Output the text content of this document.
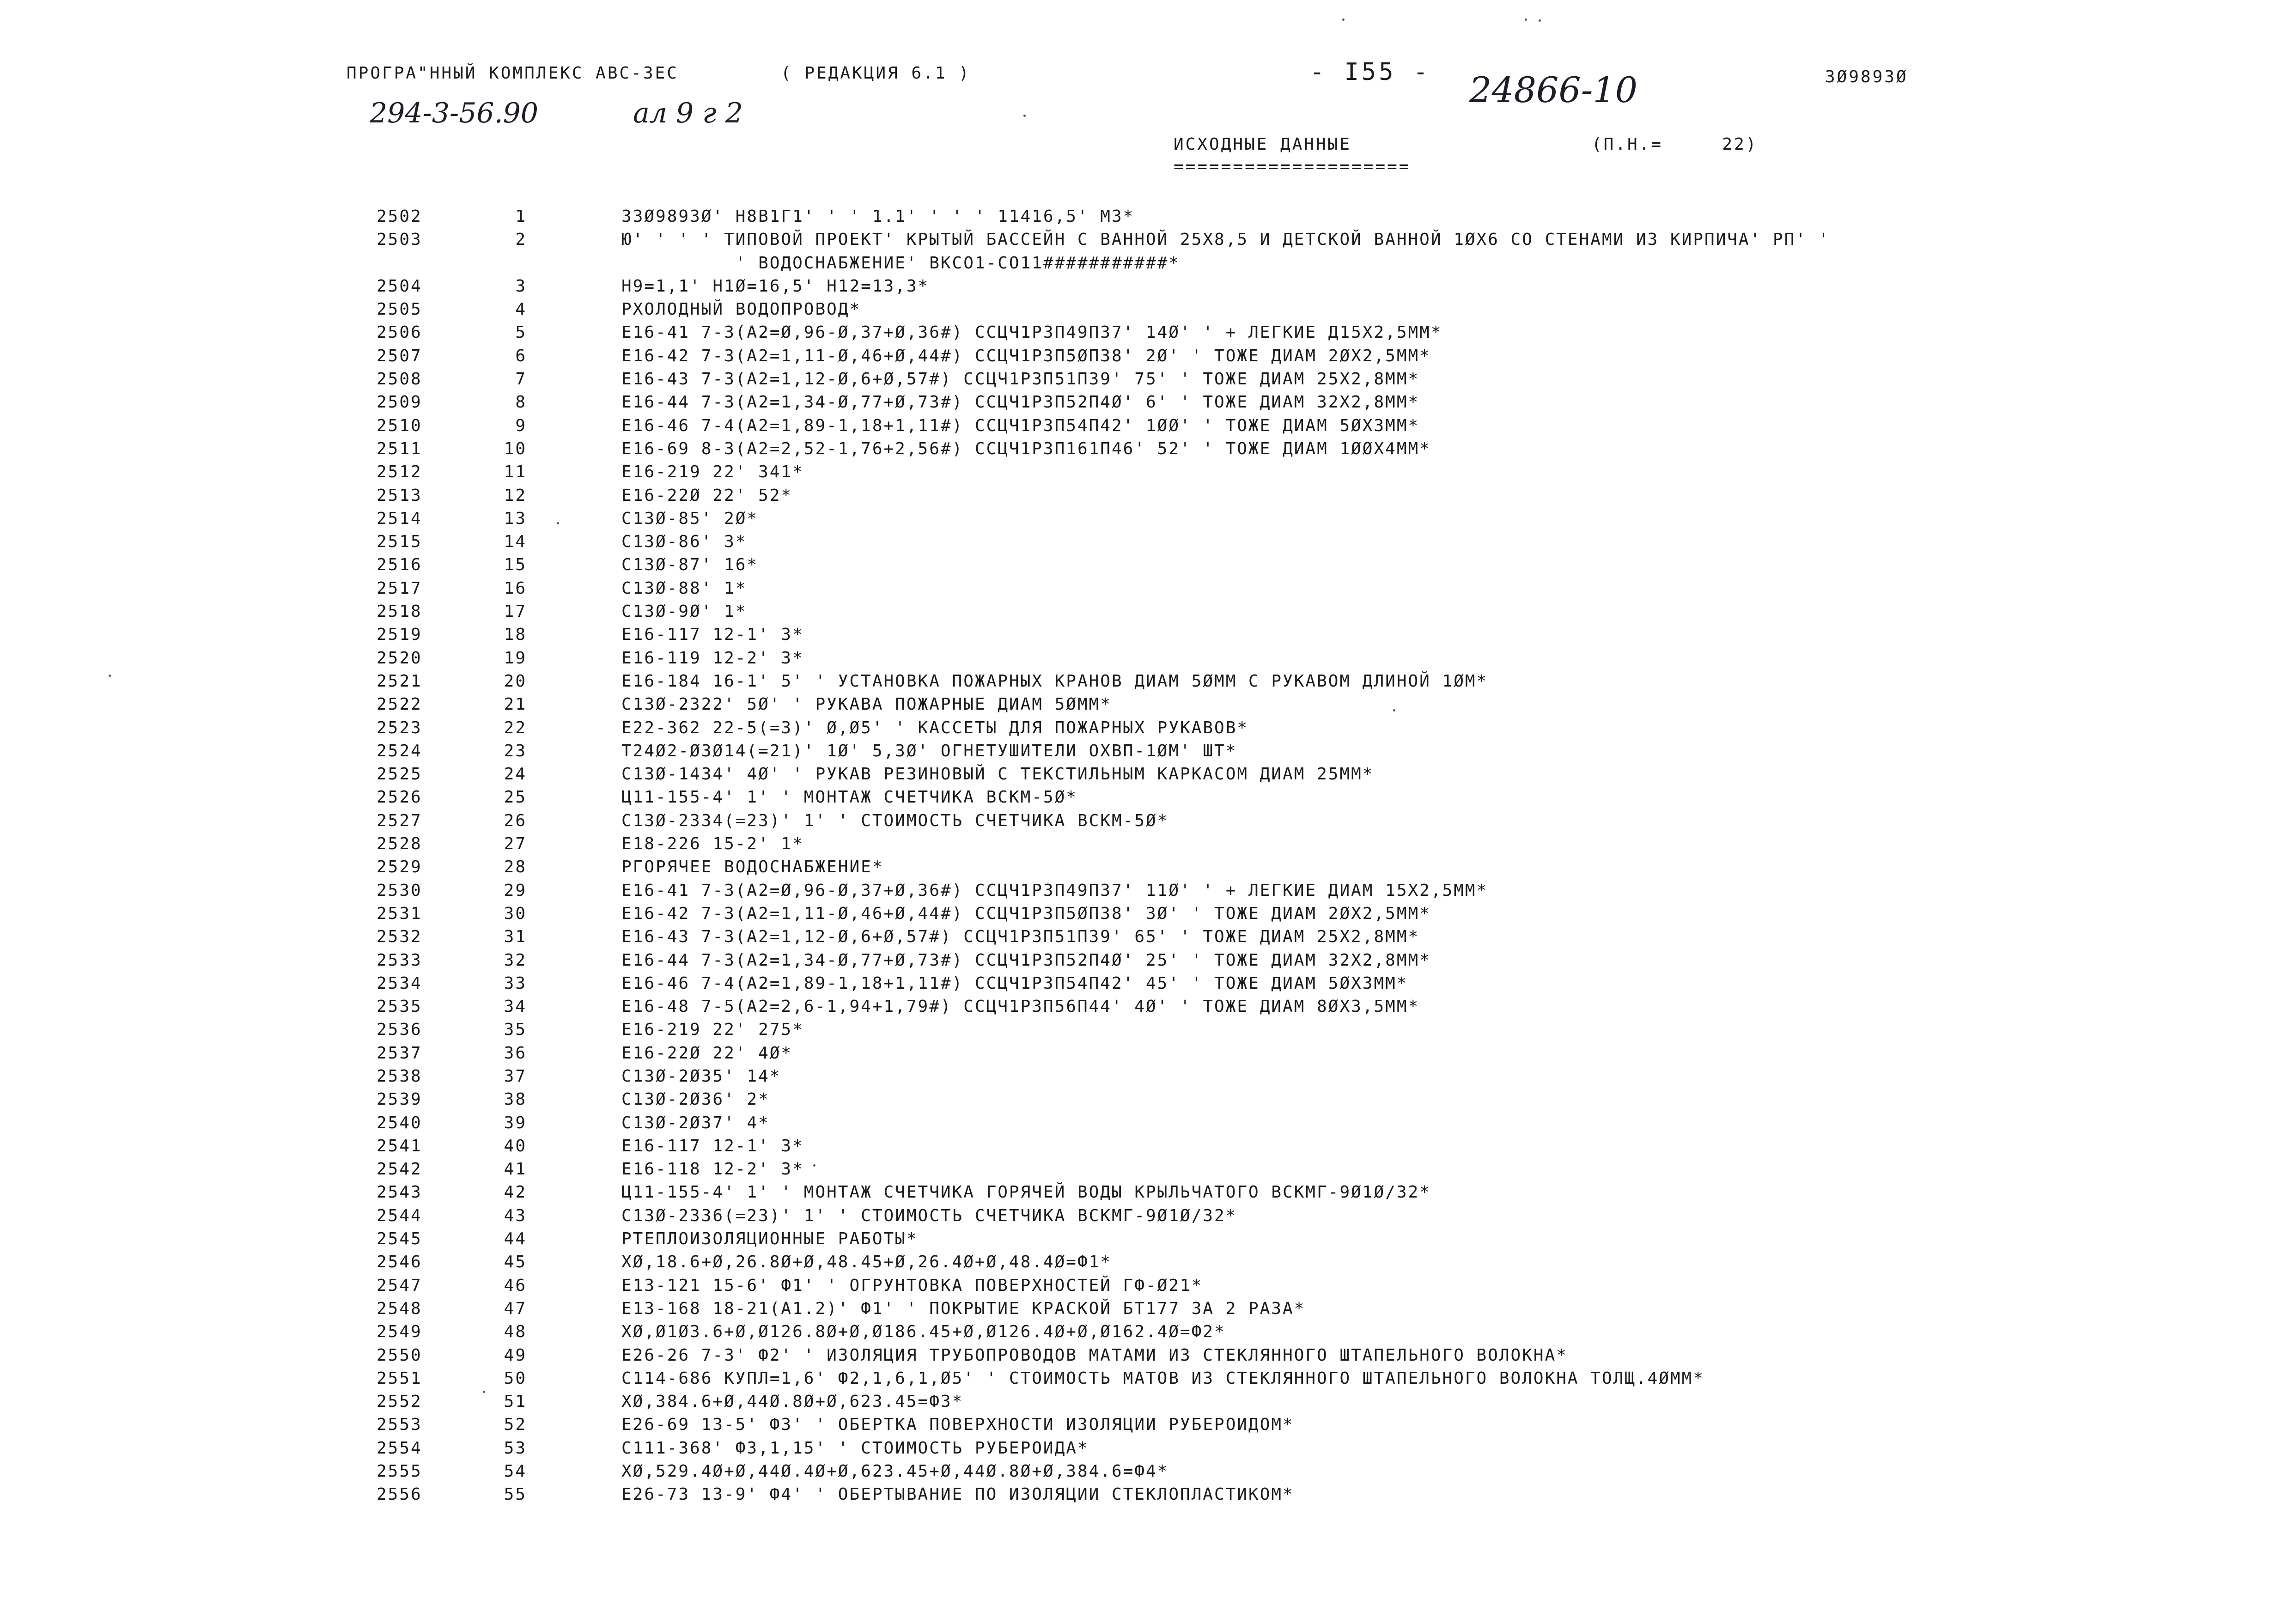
ПРОГРА"ННЫЙ КОМПЛЕКС АВС-ЗЕС	( РЕДАКЦИЯ 6.1 )	- I55 -	3Ø9893Ø
24866-10
294-3-56.90	ал 9 г 2
ИСХОДНЫЕ ДАННЫЕ
====================
(П.Н.=     22)
2502	1	33Ø9893Ø' Н8В1Г1' ' ' 1.1' ' ' ' 11416,5' М3*
2503	2	Ю' ' ' ' ТИПОВОЙ ПРОЕКТ' КРЫТЫЙ БАССЕЙН С ВАННОЙ 25Х8,5 И ДЕТСКОЙ ВАННОЙ 1ØХ6 СО СТЕНАМИ ИЗ КИРПИЧА' РП' '
' ВОДОСНАБЖЕНИЕ' ВКСО1-СО11###########*
2504	3	Н9=1,1' Н1Ø=16,5' Н12=13,3*
2505	4	РХОЛОДНЫЙ ВОДОПРОВОД*
2506	5	Е16-41 7-3(А2=Ø,96-Ø,37+Ø,36#) ССЦЧ1Р3П49П37' 14Ø' ' + ЛЕГКИЕ Д15Х2,5ММ*
2507	6	Е16-42 7-3(А2=1,11-Ø,46+Ø,44#) ССЦЧ1Р3П5ØП38' 2Ø' ' ТОЖЕ ДИАМ 2ØХ2,5ММ*
2508	7	Е16-43 7-3(А2=1,12-Ø,6+Ø,57#) ССЦЧ1Р3П51П39' 75' ' ТОЖЕ ДИАМ 25Х2,8ММ*
2509	8	Е16-44 7-3(А2=1,34-Ø,77+Ø,73#) ССЦЧ1Р3П52П4Ø' 6' ' ТОЖЕ ДИАМ 32Х2,8ММ*
2510	9	Е16-46 7-4(А2=1,89-1,18+1,11#) ССЦЧ1Р3П54П42' 1ØØ' ' ТОЖЕ ДИАМ 5ØХ3ММ*
2511	10	Е16-69 8-3(А2=2,52-1,76+2,56#) ССЦЧ1Р3П161П46' 52' ' ТОЖЕ ДИАМ 1ØØХ4ММ*
2512	11	Е16-219 22' 341*
2513	12	Е16-22Ø 22' 52*
2514	13	С13Ø-85' 2Ø*
2515	14	С13Ø-86' 3*
2516	15	С13Ø-87' 16*
2517	16	С13Ø-88' 1*
2518	17	С13Ø-9Ø' 1*
2519	18	Е16-117 12-1' 3*
2520	19	Е16-119 12-2' 3*
2521	20	Е16-184 16-1' 5' ' УСТАНОВКА ПОЖАРНЫХ КРАНОВ ДИАМ 5ØММ С РУКАВОМ ДЛИНОЙ 1ØМ*
2522	21	С13Ø-2322' 5Ø' ' РУКАВА ПОЖАРНЫЕ ДИАМ 5ØММ*
2523	22	Е22-362 22-5(=3)' Ø,Ø5' ' КАССЕТЫ ДЛЯ ПОЖАРНЫХ РУКАВОВ*
2524	23	Т24Ø2-Ø3Ø14(=21)' 1Ø' 5,3Ø' ОГНЕТУШИТЕЛИ ОХВП-1ØМ' ШТ*
2525	24	С13Ø-1434' 4Ø' ' РУКАВ РЕЗИНОВЫЙ С ТЕКСТИЛЬНЫМ КАРКАСОМ ДИАМ 25ММ*
2526	25	Ц11-155-4' 1' ' МОНТАЖ СЧЕТЧИКА ВСКМ-5Ø*
2527	26	С13Ø-2334(=23)' 1' ' СТОИМОСТЬ СЧЕТЧИКА ВСКМ-5Ø*
2528	27	Е18-226 15-2' 1*
2529	28	РГОРЯЧЕЕ ВОДОСНАБЖЕНИЕ*
2530	29	Е16-41 7-3(А2=Ø,96-Ø,37+Ø,36#) ССЦЧ1Р3П49П37' 11Ø' ' + ЛЕГКИЕ ДИАМ 15Х2,5ММ*
2531	30	Е16-42 7-3(А2=1,11-Ø,46+Ø,44#) ССЦЧ1Р3П5ØП38' 3Ø' ' ТОЖЕ ДИАМ 2ØХ2,5ММ*
2532	31	Е16-43 7-3(А2=1,12-Ø,6+Ø,57#) ССЦЧ1Р3П51П39' 65' ' ТОЖЕ ДИАМ 25Х2,8ММ*
2533	32	Е16-44 7-3(А2=1,34-Ø,77+Ø,73#) ССЦЧ1Р3П52П4Ø' 25' ' ТОЖЕ ДИАМ 32Х2,8ММ*
2534	33	Е16-46 7-4(А2=1,89-1,18+1,11#) ССЦЧ1Р3П54П42' 45' ' ТОЖЕ ДИАМ 5ØХ3ММ*
2535	34	Е16-48 7-5(А2=2,6-1,94+1,79#) ССЦЧ1Р3П56П44' 4Ø' ' ТОЖЕ ДИАМ 8ØХ3,5ММ*
2536	35	Е16-219 22' 275*
2537	36	Е16-22Ø 22' 4Ø*
2538	37	С13Ø-2Ø35' 14*
2539	38	С13Ø-2Ø36' 2*
2540	39	С13Ø-2Ø37' 4*
2541	40	Е16-117 12-1' 3*
2542	41	Е16-118 12-2' 3*
2543	42	Ц11-155-4' 1' ' МОНТАЖ СЧЕТЧИКА ГОРЯЧЕЙ ВОДЫ КРЫЛЬЧАТОГО ВСКМГ-9Ø1Ø/32*
2544	43	С13Ø-2336(=23)' 1' ' СТОИМОСТЬ СЧЕТЧИКА ВСКМГ-9Ø1Ø/32*
2545	44	РТЕПЛОИЗОЛЯЦИОННЫЕ РАБОТЫ*
2546	45	ХØ,18.6+Ø,26.8Ø+Ø,48.45+Ø,26.4Ø+Ø,48.4Ø=Ф1*
2547	46	Е13-121 15-6' Ф1' ' ОГРУНТОВКА ПОВЕРХНОСТЕЙ ГФ-Ø21*
2548	47	Е13-168 18-21(А1.2)' Ф1' ' ПОКРЫТИЕ КРАСКОЙ БТ177 ЗА 2 РАЗА*
2549	48	ХØ,Ø1Ø3.6+Ø,Ø126.8Ø+Ø,Ø186.45+Ø,Ø126.4Ø+Ø,Ø162.4Ø=Ф2*
2550	49	Е26-26 7-3' Ф2' ' ИЗОЛЯЦИЯ ТРУБОПРОВОДОВ МАТАМИ ИЗ СТЕКЛЯННОГО ШТАПЕЛЬНОГО ВОЛОКНА*
2551	50	С114-686 КУПЛ=1,6' Ф2,1,6,1,Ø5' ' СТОИМОСТЬ МАТОВ ИЗ СТЕКЛЯННОГО ШТАПЕЛЬНОГО ВОЛОКНА ТОЛЩ.4ØММ*
2552	51	ХØ,384.6+Ø,44Ø.8Ø+Ø,623.45=Ф3*
2553	52	Е26-69 13-5' Ф3' ' ОБЕРТКА ПОВЕРХНОСТИ ИЗОЛЯЦИИ РУБЕРОИДОМ*
2554	53	С111-368' Ф3,1,15' ' СТОИМОСТЬ РУБЕРОИДА*
2555	54	ХØ,529.4Ø+Ø,44Ø.4Ø+Ø,623.45+Ø,44Ø.8Ø+Ø,384.6=Ф4*
2556	55	Е26-73 13-9' Ф4' ' ОБЕРТЫВАНИЕ ПО ИЗОЛЯЦИИ СТЕКЛОПЛАСТИКОМ*
